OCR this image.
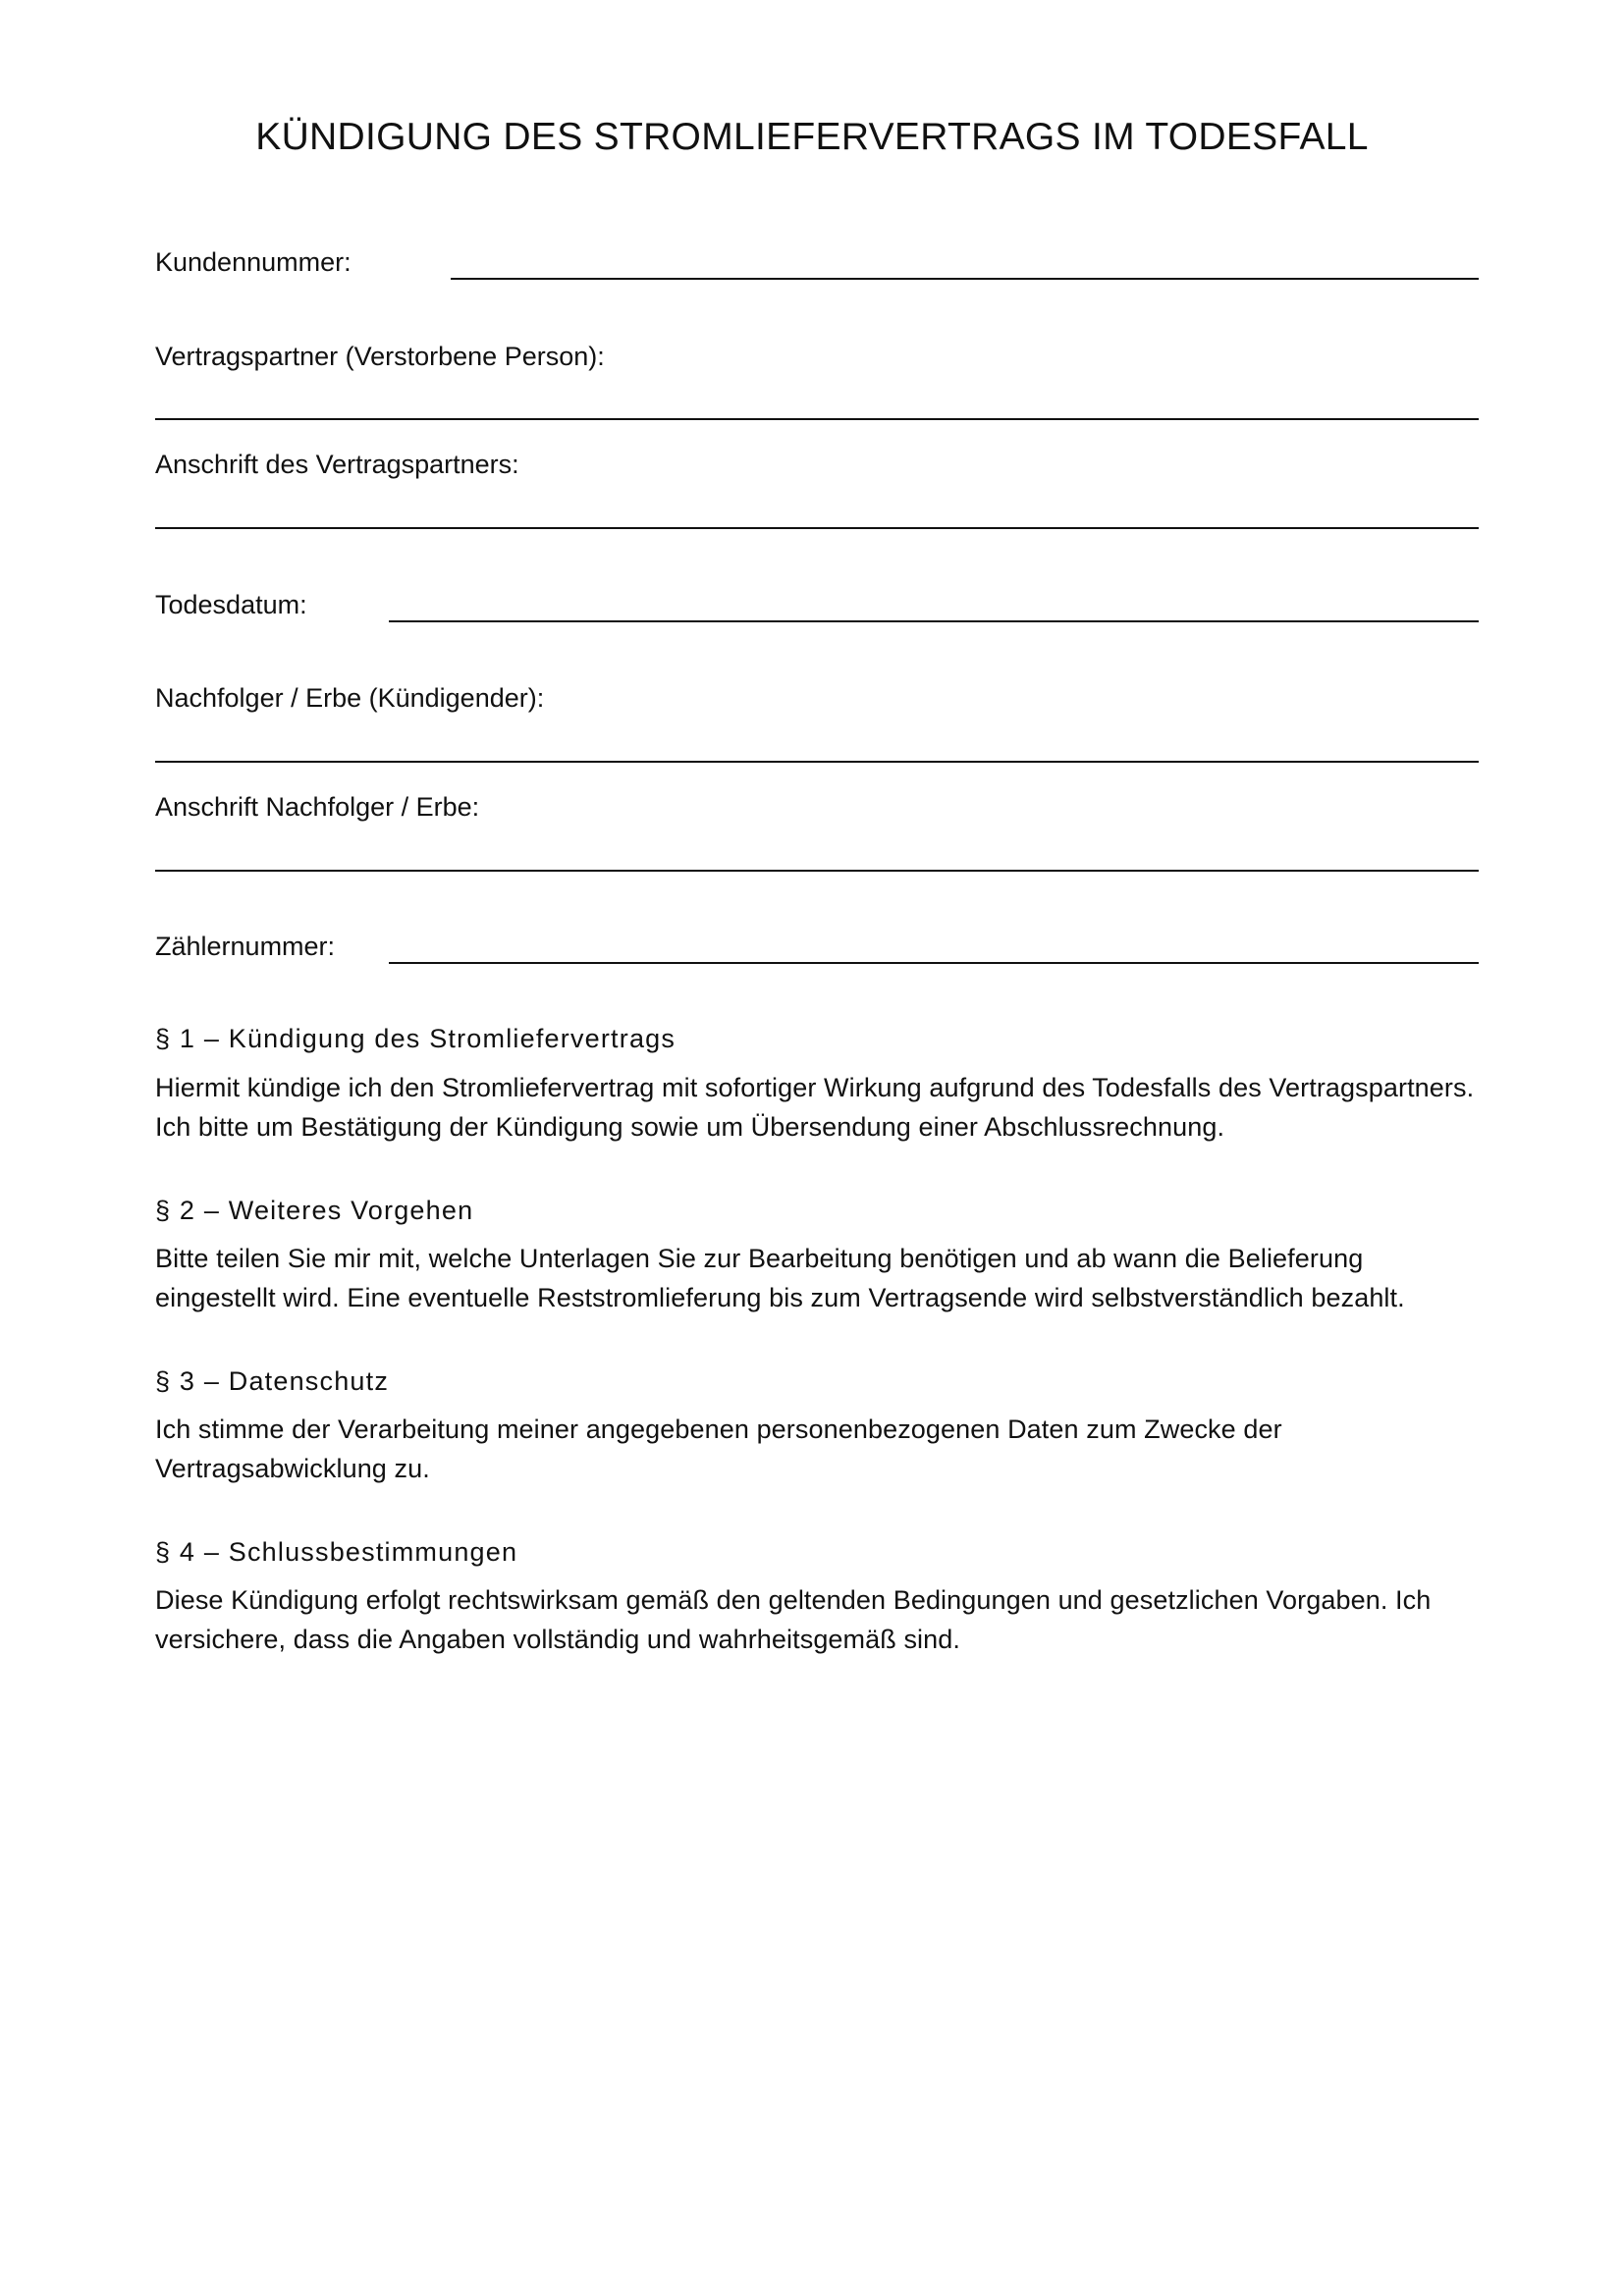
KÜNDIGUNG DES STROMLIEFERVERTRAGS IM TODESFALL
Kundennummer:
Vertragspartner (Verstorbene Person):
Anschrift des Vertragspartners:
Todesdatum:
Nachfolger / Erbe (Kündigender):
Anschrift Nachfolger / Erbe:
Zählernummer:
§ 1 – Kündigung des Stromliefervertrags
Hiermit kündige ich den Stromliefervertrag mit sofortiger Wirkung aufgrund des Todesfalls des Vertragspartners. Ich bitte um Bestätigung der Kündigung sowie um Übersendung einer Abschlussrechnung.
§ 2 – Weiteres Vorgehen
Bitte teilen Sie mir mit, welche Unterlagen Sie zur Bearbeitung benötigen und ab wann die Belieferung eingestellt wird. Eine eventuelle Reststromlieferung bis zum Vertragsende wird selbstverständlich bezahlt.
§ 3 – Datenschutz
Ich stimme der Verarbeitung meiner angegebenen personenbezogenen Daten zum Zwecke der Vertragsabwicklung zu.
§ 4 – Schlussbestimmungen
Diese Kündigung erfolgt rechtswirksam gemäß den geltenden Bedingungen und gesetzlichen Vorgaben. Ich versichere, dass die Angaben vollständig und wahrheitsgemäß sind.
